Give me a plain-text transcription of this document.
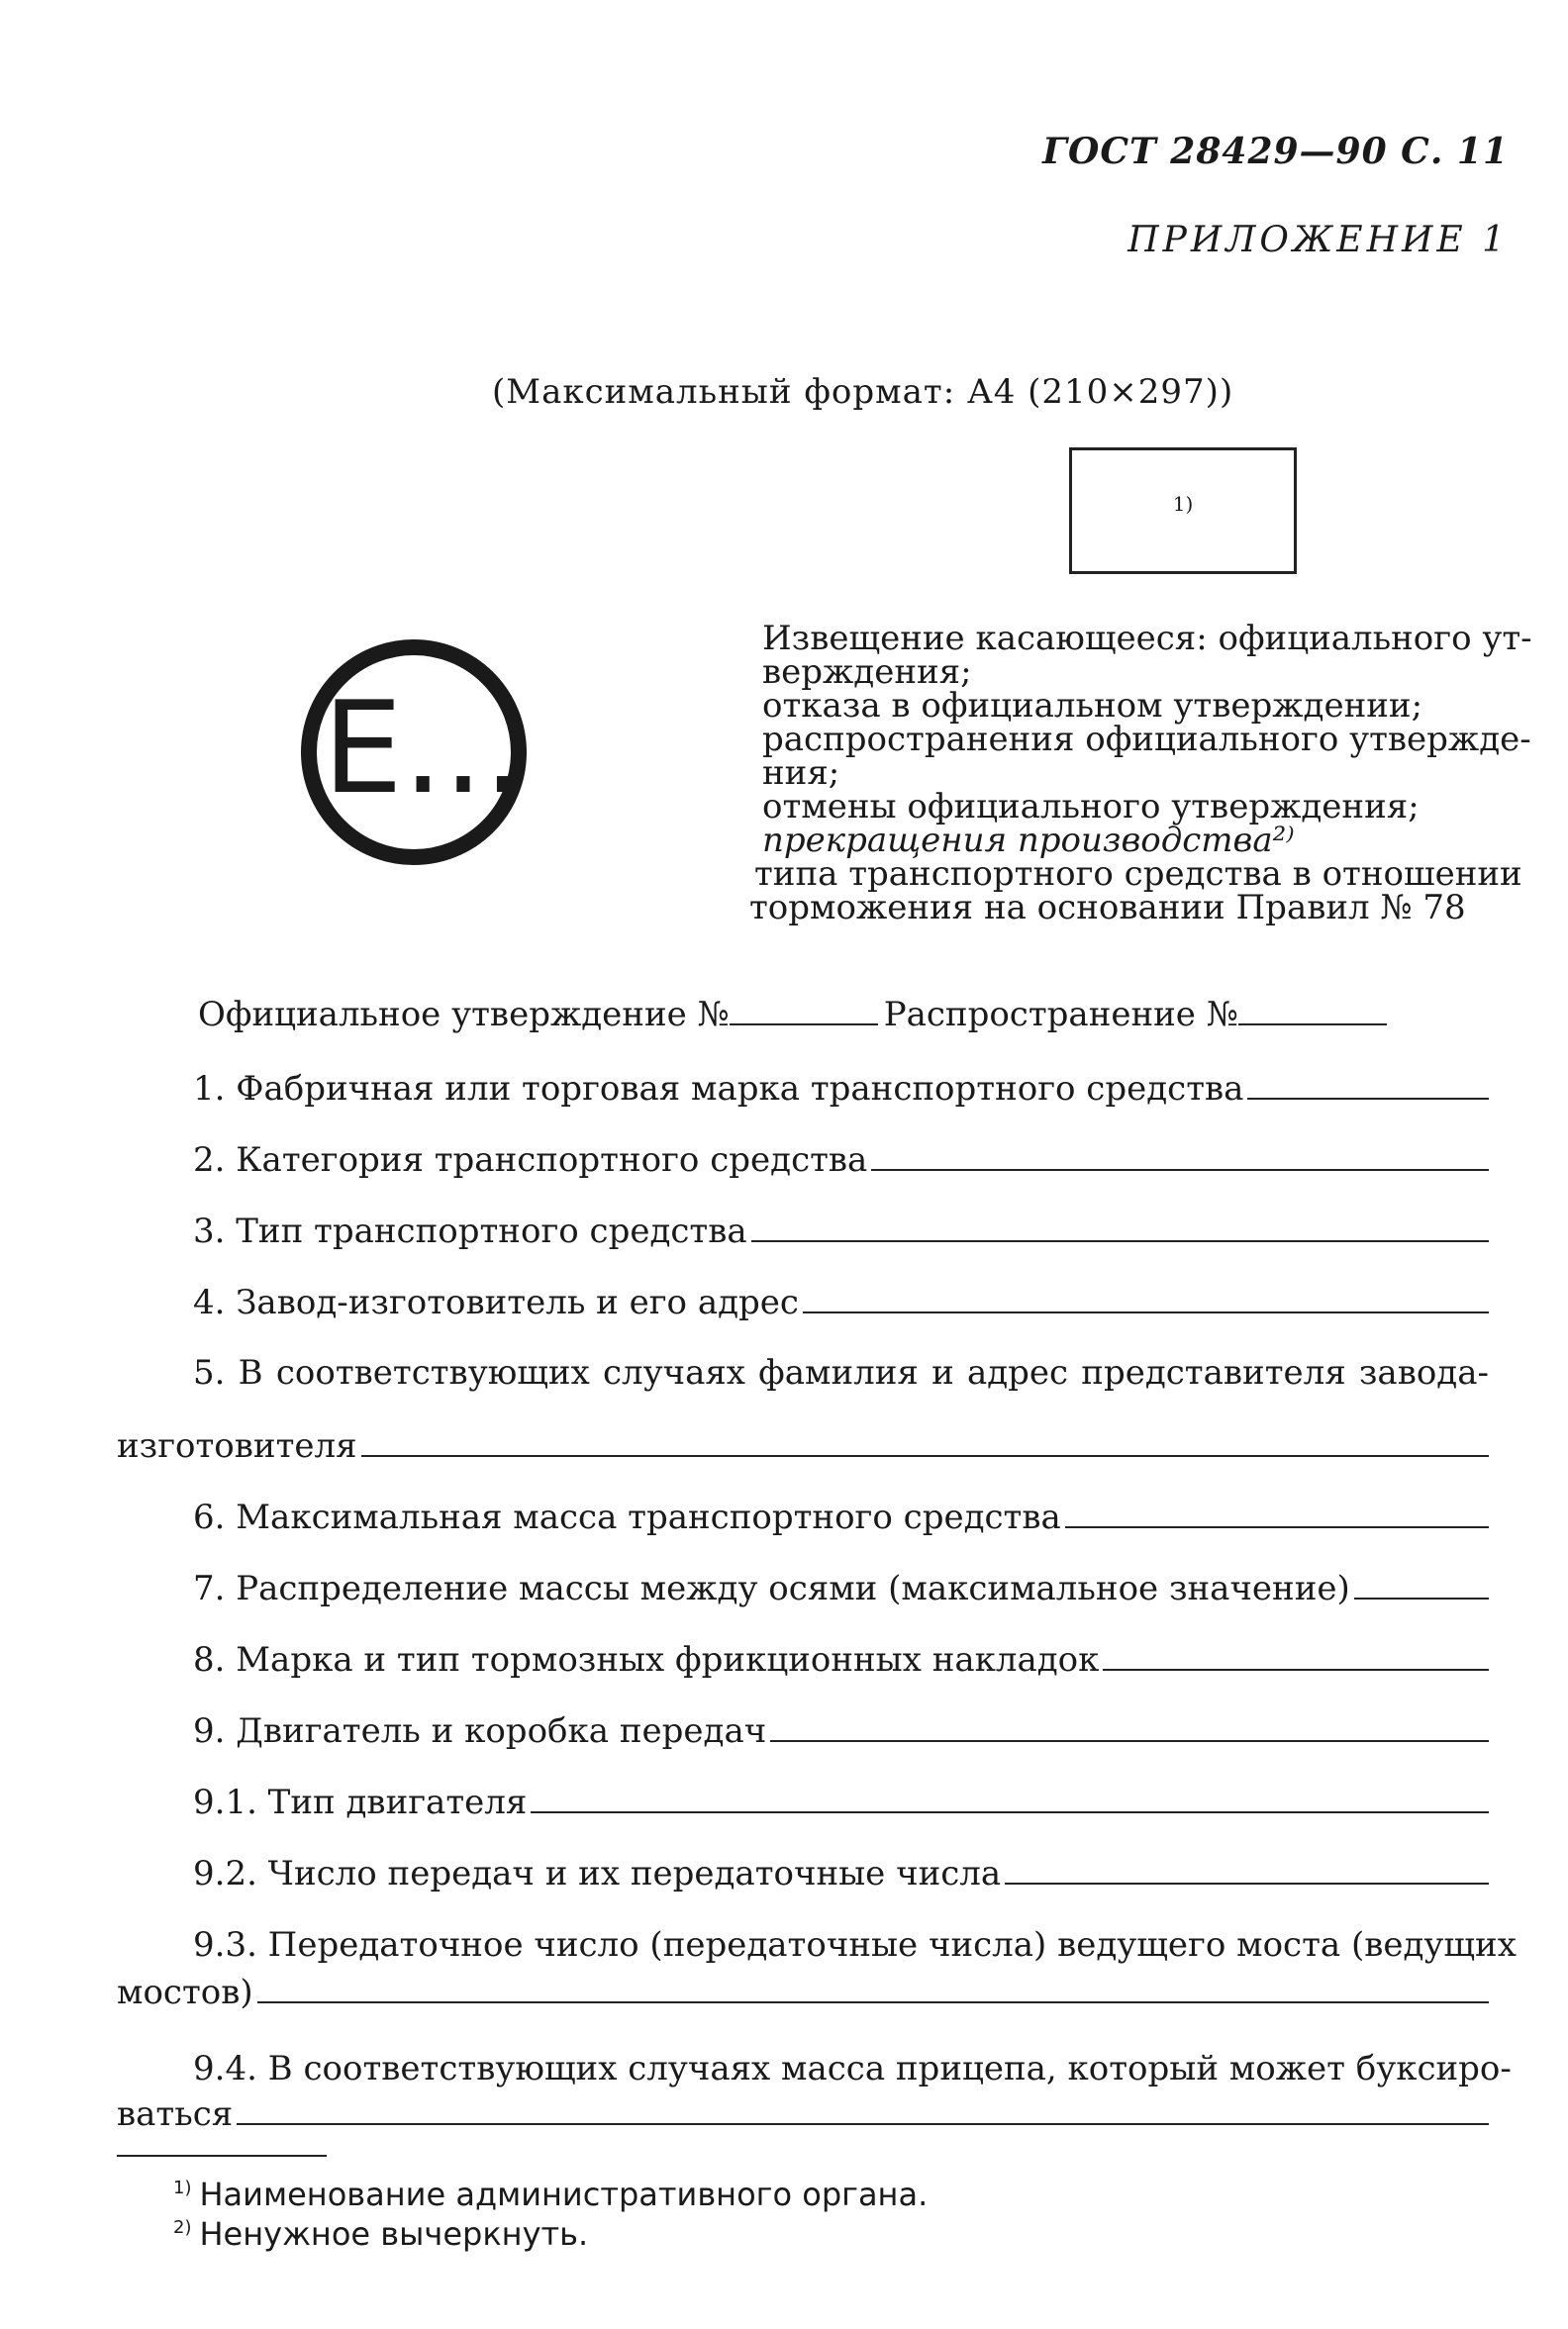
ГОСТ 28429—90 С. 11
ПРИЛОЖЕНИЕ 1
(Максимальный формат: А4 (210×297))
1)
E...
Извещение касающееся: официального ут-
верждения;
отказа в официальном утверждении;
распространения официального утвержде-
ния;
отмены официального утверждения;
прекращения производства²⁾
типа транспортного средства в отношении
торможения на основании Правил № 78
Официальное утверждение №	Распространение №
1. Фабричная или торговая марка транспортного средства
2. Категория транспортного средства
3. Тип транспортного средства
4. Завод-изготовитель и его адрес
5. В соответствующих случаях фамилия и адрес представителя завода-
изготовителя
6. Максимальная масса транспортного средства
7. Распределение массы между осями (максимальное значение)
8. Марка и тип тормозных фрикционных накладок
9. Двигатель и коробка передач
9.1. Тип двигателя
9.2. Число передач и их передаточные числа
9.3. Передаточное число (передаточные числа) ведущего моста (ведущих
мостов)
9.4. В соответствующих случаях масса прицепа, который может буксиро-
ваться
$^{1)}$ Наименование административного органа.
$^{2)}$ Ненужное вычеркнуть.
